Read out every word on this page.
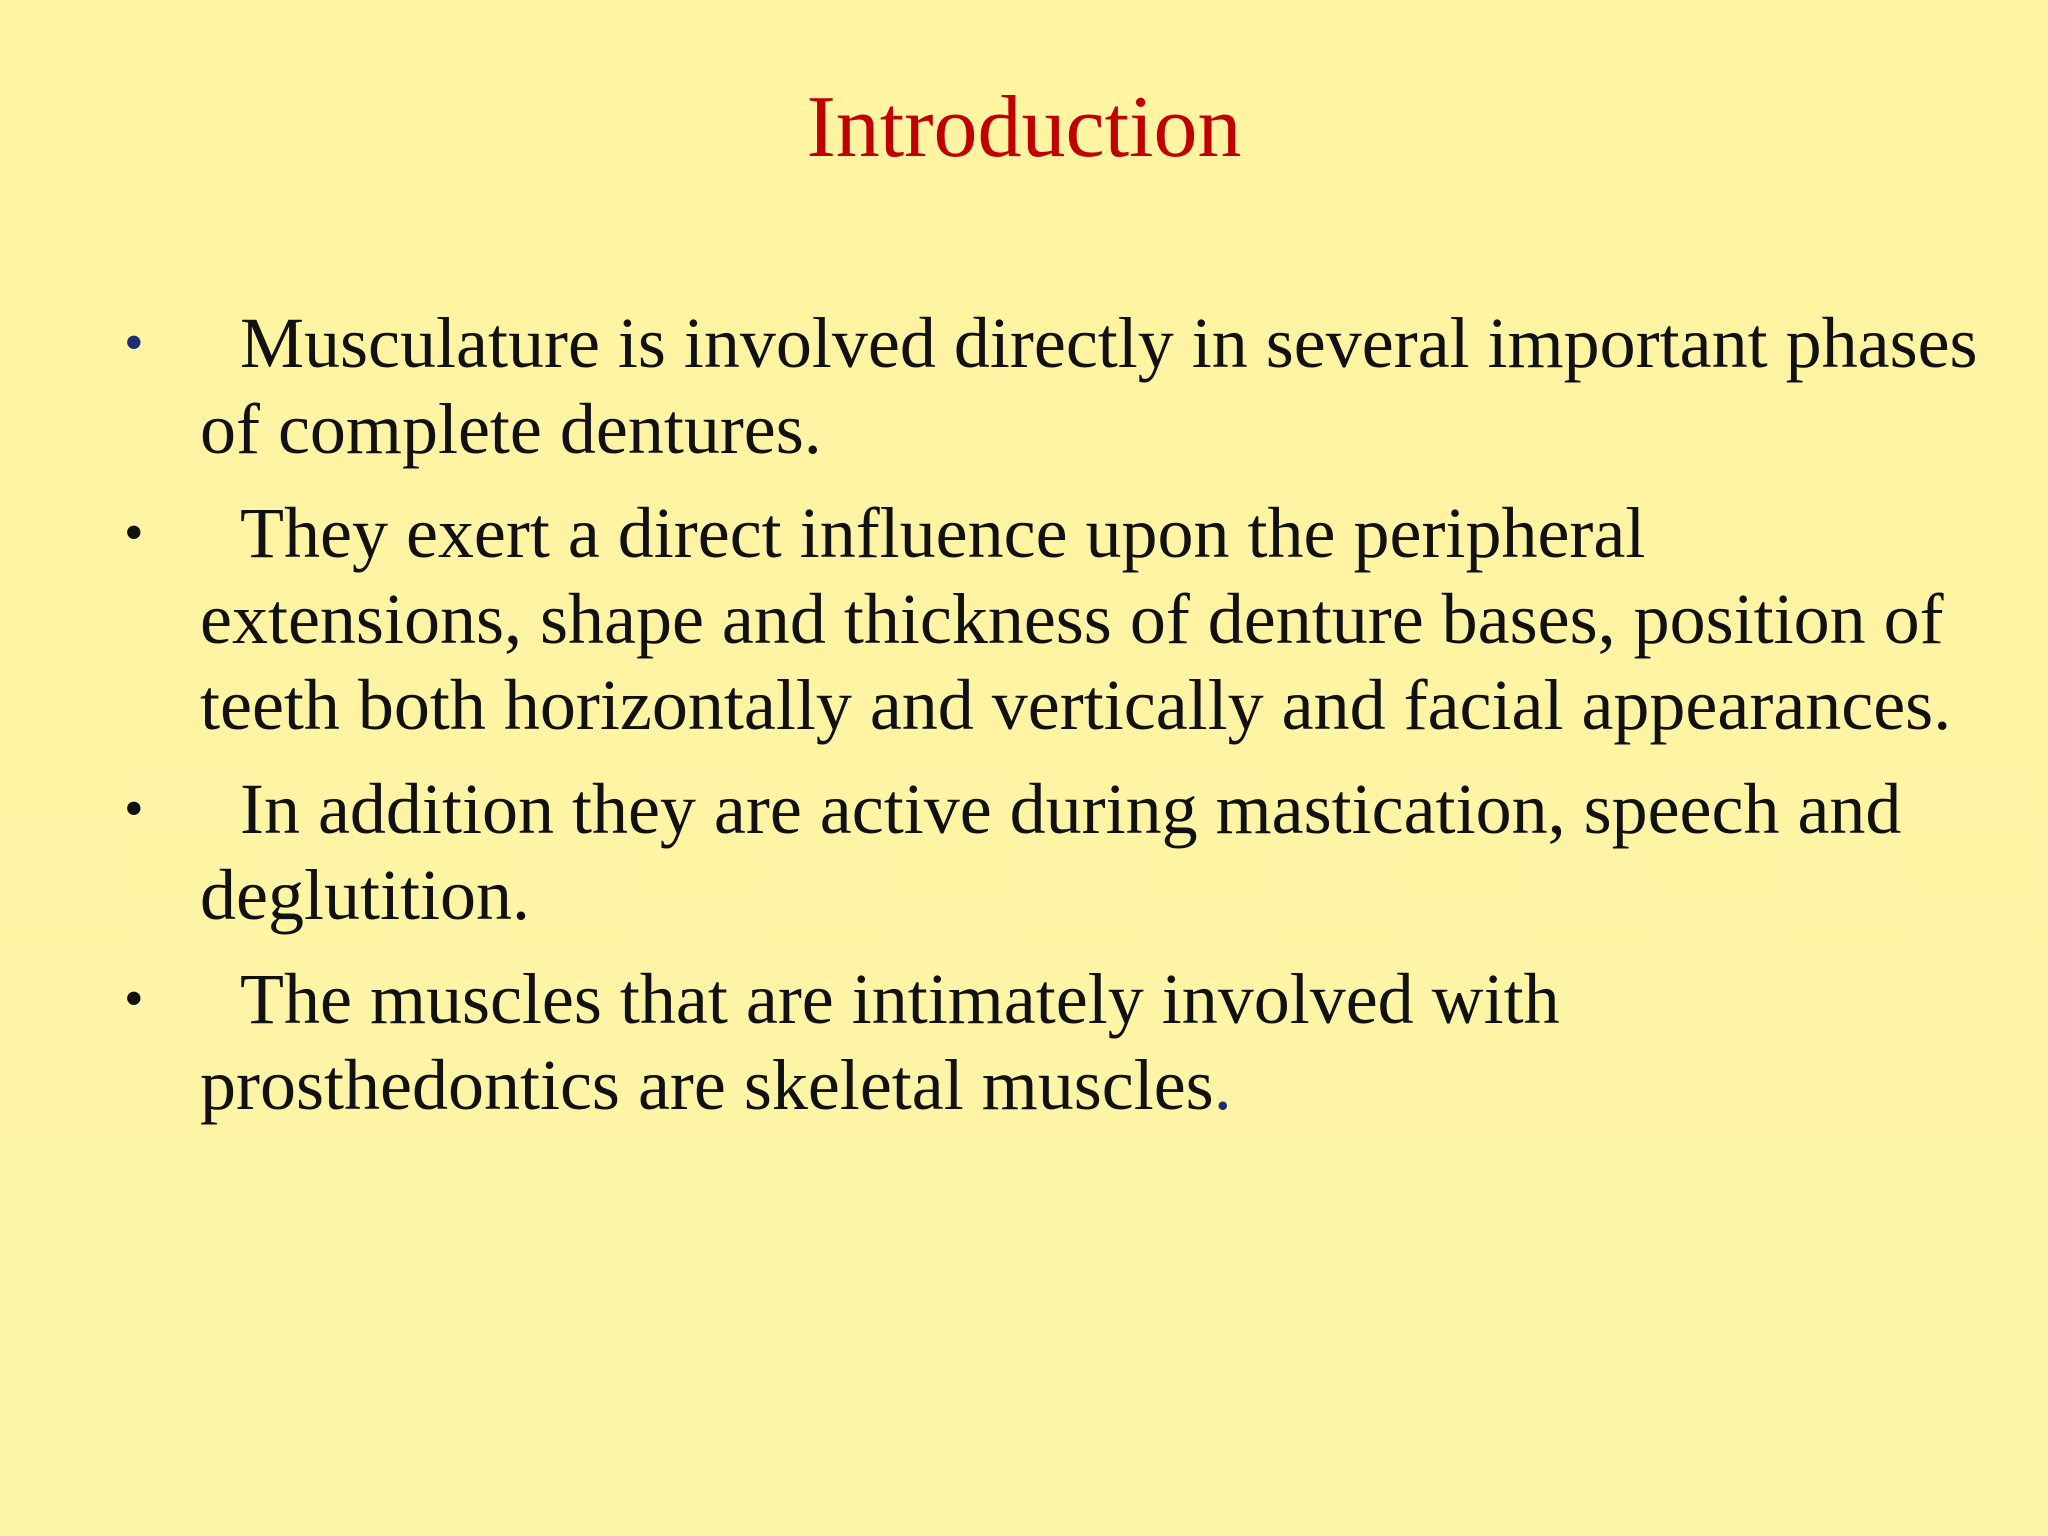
Introduction
•	Musculature is involved directly in several important phases of complete dentures.
•	They exert a direct influence upon the peripheral extensions, shape and thickness of denture bases, position of teeth both horizontally and vertically and facial appearances.
•	In addition they are active during mastication, speech and deglutition.
•	The muscles that are intimately involved with prosthedontics are skeletal muscles.
